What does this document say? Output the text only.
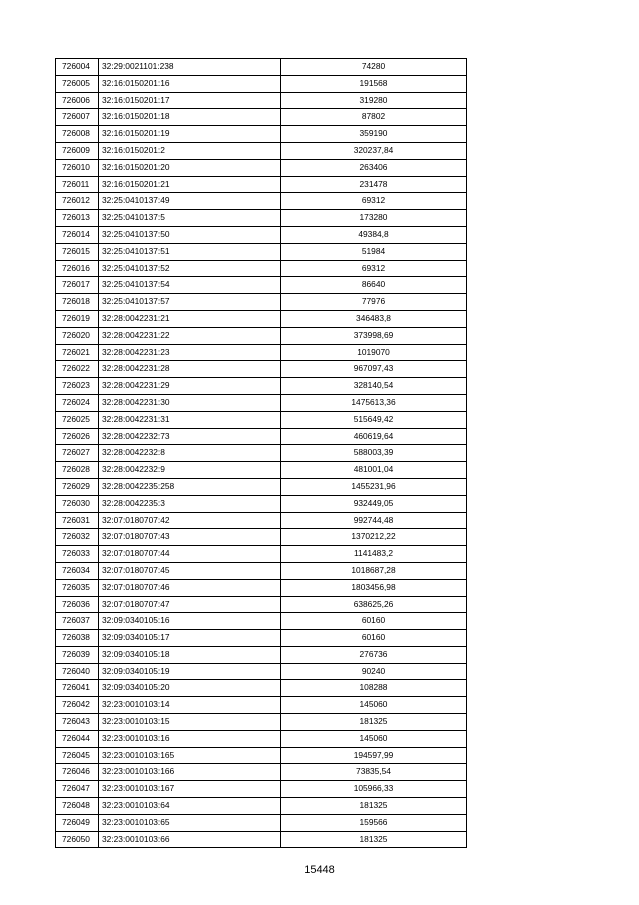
726004	32:29:0021101:238	74280
726005	32:16:0150201:16	191568
726006	32:16:0150201:17	319280
726007	32:16:0150201:18	87802
726008	32:16:0150201:19	359190
726009	32:16:0150201:2	320237,84
726010	32:16:0150201:20	263406
726011	32:16:0150201:21	231478
726012	32:25:0410137:49	69312
726013	32:25:0410137:5	173280
726014	32:25:0410137:50	49384,8
726015	32:25:0410137:51	51984
726016	32:25:0410137:52	69312
726017	32:25:0410137:54	86640
726018	32:25:0410137:57	77976
726019	32:28:0042231:21	346483,8
726020	32:28:0042231:22	373998,69
726021	32:28:0042231:23	1019070
726022	32:28:0042231:28	967097,43
726023	32:28:0042231:29	328140,54
726024	32:28:0042231:30	1475613,36
726025	32:28:0042231:31	515649,42
726026	32:28:0042232:73	460619,64
726027	32:28:0042232:8	588003,39
726028	32:28:0042232:9	481001,04
726029	32:28:0042235:258	1455231,96
726030	32:28:0042235:3	932449,05
726031	32:07:0180707:42	992744,48
726032	32:07:0180707:43	1370212,22
726033	32:07:0180707:44	1141483,2
726034	32:07:0180707:45	1018687,28
726035	32:07:0180707:46	1803456,98
726036	32:07:0180707:47	638625,26
726037	32:09:0340105:16	60160
726038	32:09:0340105:17	60160
726039	32:09:0340105:18	276736
726040	32:09:0340105:19	90240
726041	32:09:0340105:20	108288
726042	32:23:0010103:14	145060
726043	32:23:0010103:15	181325
726044	32:23:0010103:16	145060
726045	32:23:0010103:165	194597,99
726046	32:23:0010103:166	73835,54
726047	32:23:0010103:167	105966,33
726048	32:23:0010103:64	181325
726049	32:23:0010103:65	159566
726050	32:23:0010103:66	181325
15448
